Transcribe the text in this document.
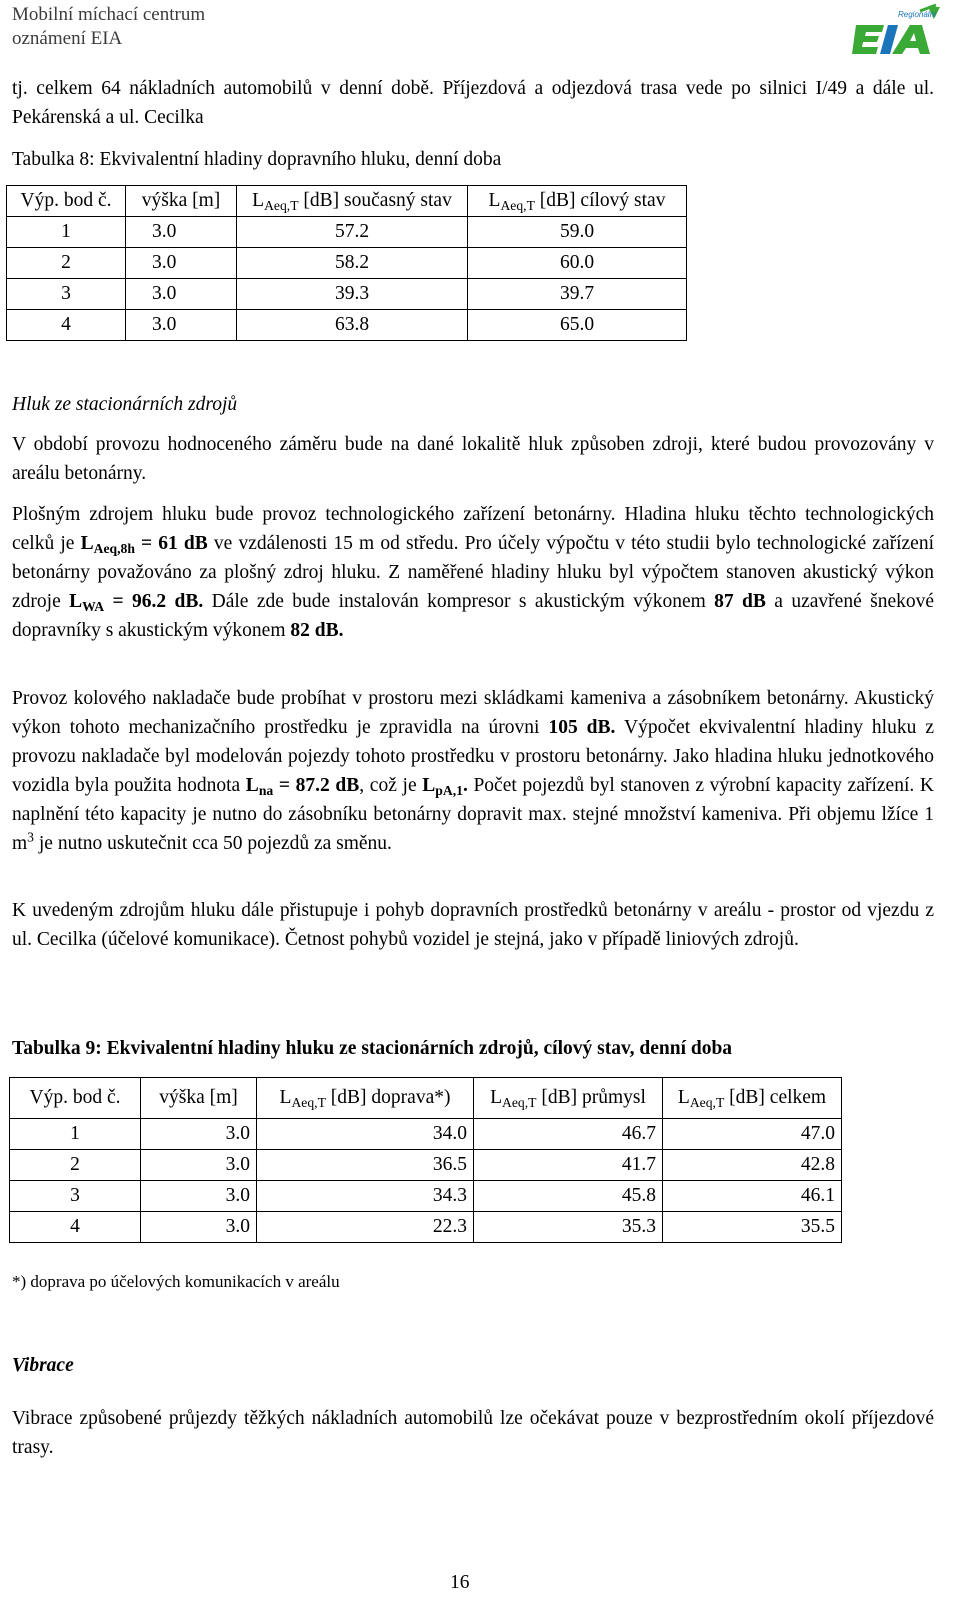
Mobilní míchací centrum
oznámení EIA
Regionální
centrum
tj. celkem 64 nákladních automobilů v denní době. Příjezdová a odjezdová trasa vede po silnici I/49 a dále ul. Pekárenská a ul. Cecilka
Tabulka 8: Ekvivalentní hladiny dopravního hluku, denní doba
Výp. bod č.	výška [m]	$L_{Aeq,T}$ [dB] současný stav	$L_{Aeq,T}$ [dB] cílový stav
1	3.0	57.2	59.0
2	3.0	58.2	60.0
3	3.0	39.3	39.7
4	3.0	63.8	65.0
Hluk ze stacionárních zdrojů
V období provozu hodnoceného záměru bude na dané lokalitě hluk způsoben zdroji, které budou provozovány v areálu betonárny.
Plošným zdrojem hluku bude provoz technologického zařízení betonárny. Hladina hluku těchto technologických celků je $L_{Aeq,8h} = 61$ dB ve vzdálenosti 15 m od středu. Pro účely výpočtu v této studii bylo technologické zařízení betonárny považováno za plošný zdroj hluku. Z naměřené hladiny hluku byl výpočtem stanoven akustický výkon zdroje $L_{WA} = 96.2$ dB. Dále zde bude instalován kompresor s akustickým výkonem 87 dB a uzavřené šnekové dopravníky s akustickým výkonem 82 dB.
Provoz kolového nakladače bude probíhat v prostoru mezi skládkami kameniva a zásobníkem betonárny. Akustický výkon tohoto mechanizačního prostředku je zpravidla na úrovni 105 dB. Výpočet ekvivalentní hladiny hluku z provozu nakladače byl modelován pojezdy tohoto prostředku v prostoru betonárny. Jako hladina hluku jednotkového vozidla byla použita hodnota $L_{na} = 87.2$ dB, což je $L_{pA,1}$. Počet pojezdů byl stanoven z výrobní kapacity zařízení. K naplnění této kapacity je nutno do zásobníku betonárny dopravit max. stejné množství kameniva. Při objemu lžíce 1 $m^3$ je nutno uskutečnit cca 50 pojezdů za směnu.
K uvedeným zdrojům hluku dále přistupuje i pohyb dopravních prostředků betonárny v areálu - prostor od vjezdu z ul. Cecilka (účelové komunikace). Četnost pohybů vozidel je stejná, jako v případě liniových zdrojů.
Tabulka 9: Ekvivalentní hladiny hluku ze stacionárních zdrojů, cílový stav, denní doba
Výp. bod č.	výška [m]	$L_{Aeq,T}$ [dB] doprava*)	$L_{Aeq,T}$ [dB] průmysl	$L_{Aeq,T}$ [dB] celkem
1	3.0	34.0	46.7	47.0
2	3.0	36.5	41.7	42.8
3	3.0	34.3	45.8	46.1
4	3.0	22.3	35.3	35.5
*) doprava po účelových komunikacích v areálu
Vibrace
Vibrace způsobené průjezdy těžkých nákladních automobilů lze očekávat pouze v bezprostředním okolí příjezdové trasy.
16
